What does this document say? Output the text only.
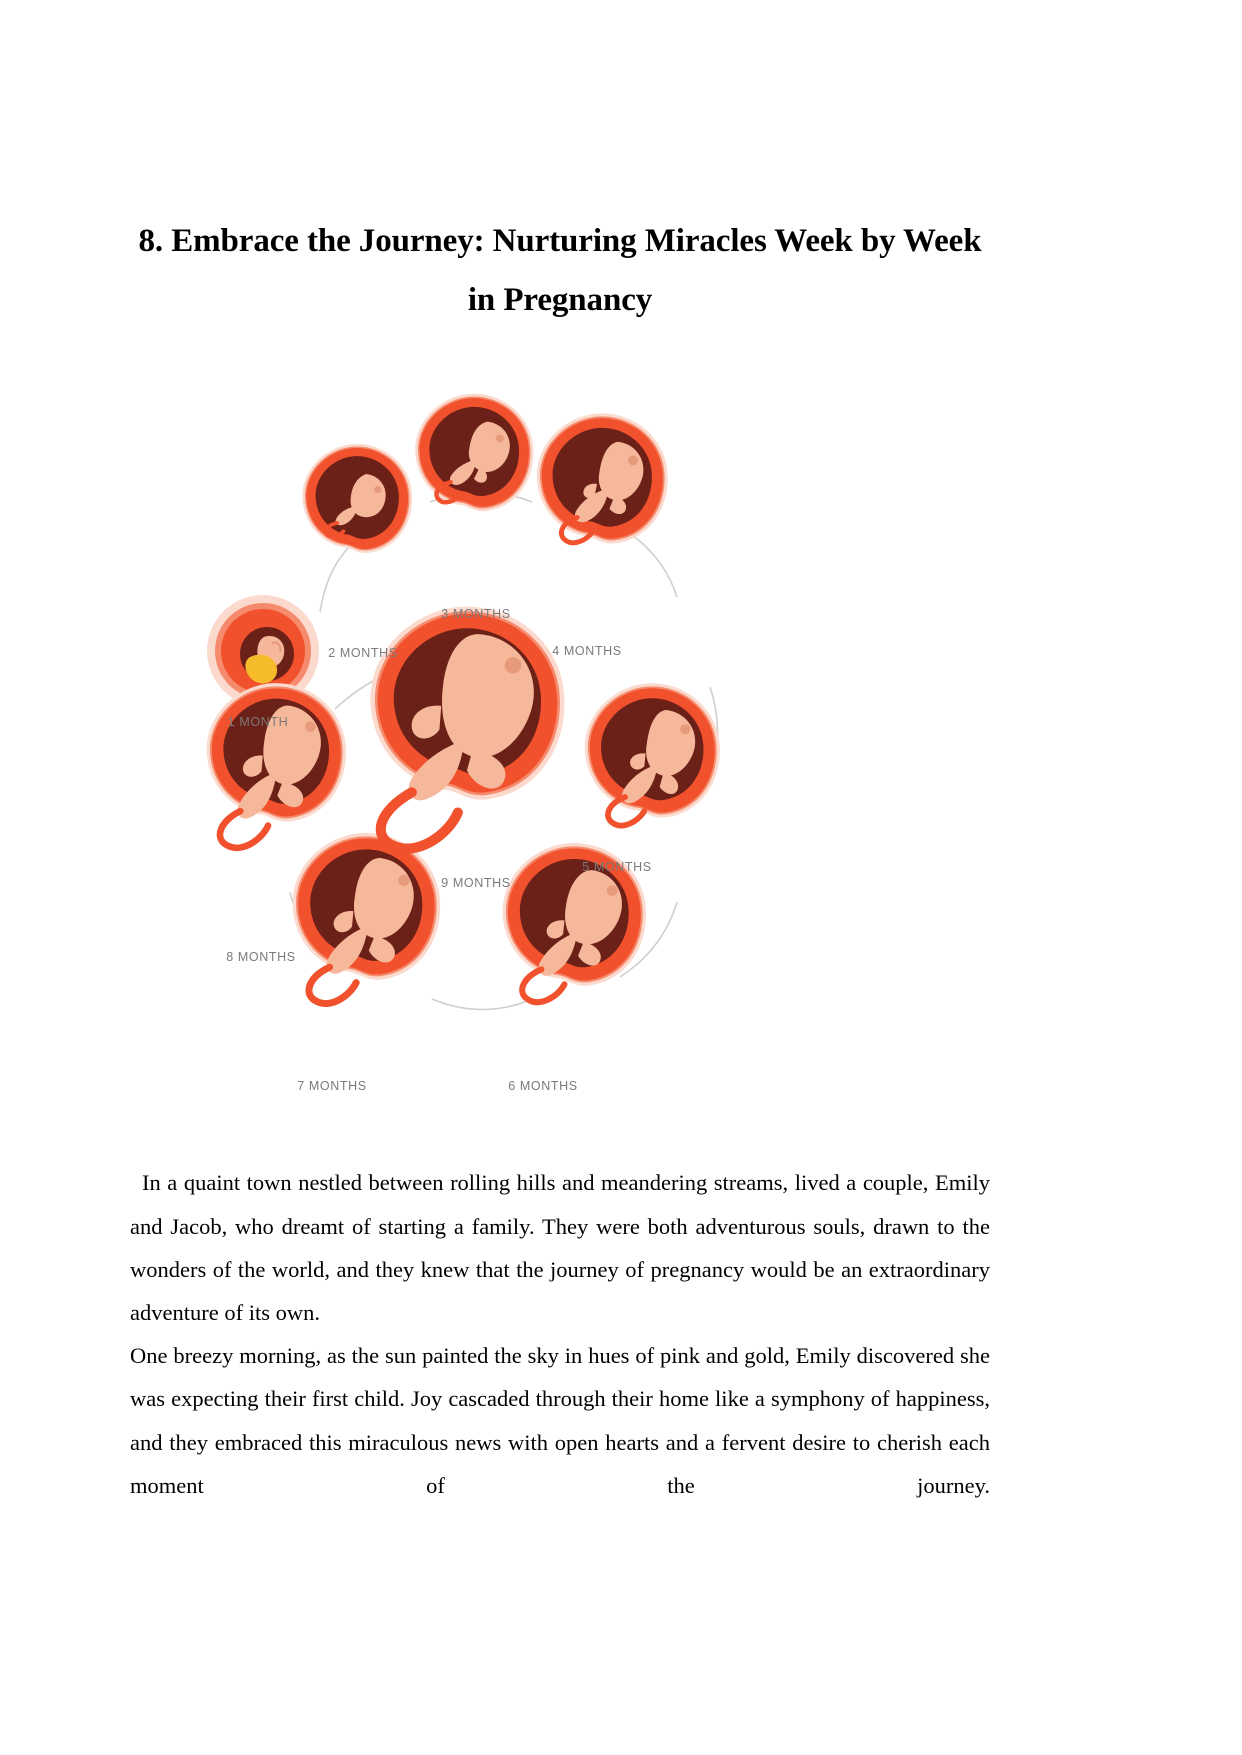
8. Embrace the Journey: Nurturing Miracles Week by Week in Pregnancy
1 MONTH
2 MONTHS
3 MONTHS
4 MONTHS
5 MONTHS
6 MONTHS
7 MONTHS
8 MONTHS
9 MONTHS

In a quaint town nestled between rolling hills and meandering streams, lived a couple, Emily and Jacob, who dreamt of starting a family. They were both adventurous souls, drawn to the wonders of the world, and they knew that the journey of pregnancy would be an extraordinary adventure of its own.

One breezy morning, as the sun painted the sky in hues of pink and gold, Emily discovered she was expecting their first child. Joy cascaded through their home like a symphony of happiness, and they embraced this miraculous news with open hearts and a fervent desire to cherish each moment of the journey.
